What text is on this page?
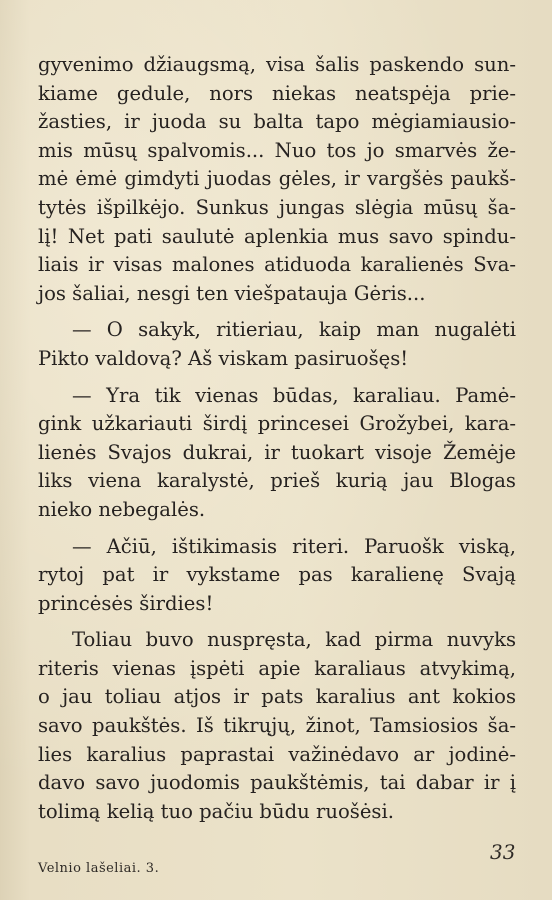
gyvenimo džiaugsmą, visa šalis paskendo sun-
kiame gedule, nors niekas neatspėja prie-
žasties, ir juoda su balta tapo mėgiamiausio-
mis mūsų spalvomis... Nuo tos jo smarvės že-
mė ėmė gimdyti juodas gėles, ir vargšės paukš-
tytės išpilkėjo. Sunkus jungas slėgia mūsų ša-
lį! Net pati saulutė aplenkia mus savo spindu-
liais ir visas malones atiduoda karalienės Sva-
jos šaliai, nesgi ten viešpatauja Gėris...
— O sakyk, ritieriau, kaip man nugalėti
Pikto valdovą? Aš viskam pasiruošęs!
— Yra tik vienas būdas, karaliau. Pamė-
gink užkariauti širdį princesei Grožybei, kara-
lienės Svajos dukrai, ir tuokart visoje Žemėje
liks viena karalystė, prieš kurią jau Blogas
nieko nebegalės.
— Ačiū, ištikimasis riteri. Paruošk viską,
rytoj pat ir vykstame pas karalienę Svają
princėsės širdies!
Toliau buvo nuspręsta, kad pirma nuvyks
riteris vienas įspėti apie karaliaus atvykimą,
o jau toliau atjos ir pats karalius ant kokios
savo paukštės. Iš tikrųjų, žinot, Tamsiosios ša-
lies karalius paprastai važinėdavo ar jodinė-
davo savo juodomis paukštėmis, tai dabar ir į
tolimą kelią tuo pačiu būdu ruošėsi.
Velnio lašeliai. 3.
33
